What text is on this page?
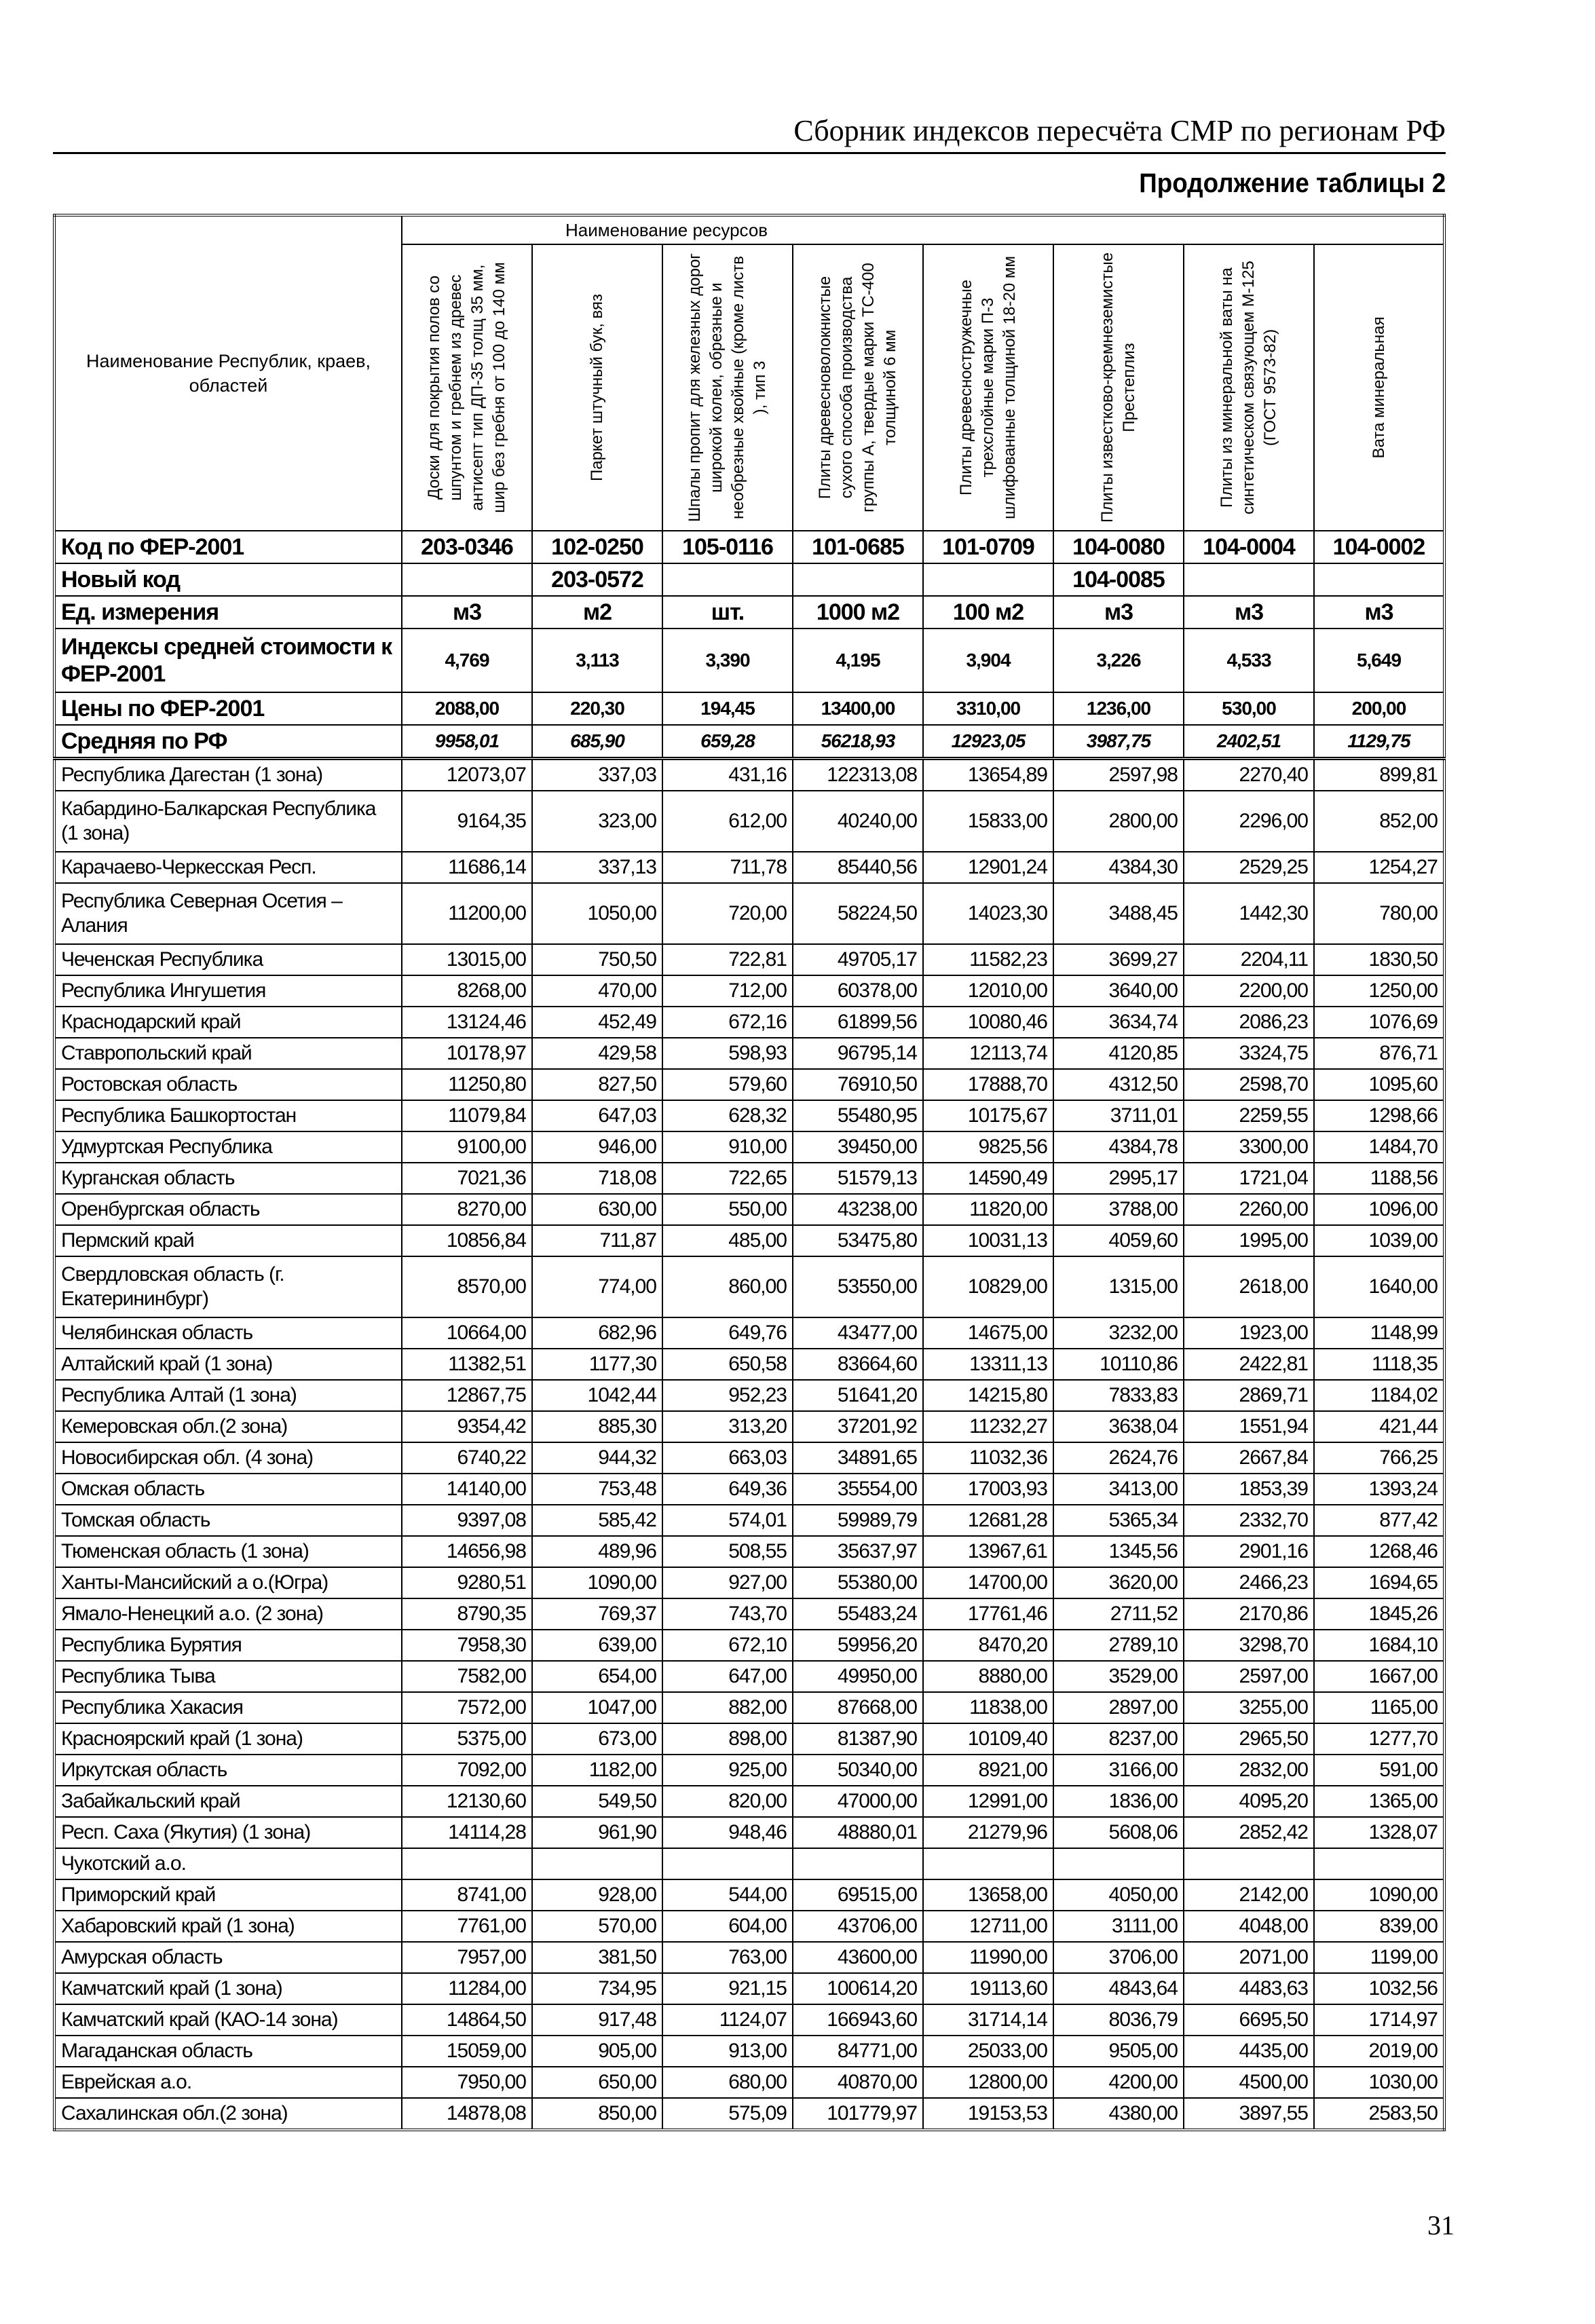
Сборник индексов пересчёта СМР по регионам РФ
Продолжение таблицы 2
Наименование Республик, краев, областей	Наименование ресурсов							

	Доски для покрытия полов со шпунтом и гребнем из древес антисепт тип ДП-35 толщ 35 мм, шир без гребня от 100 до 140 мм	Паркет штучный бук, вяз	Шпалы пропит для железных дорог широкой колеи, обрезные и необрезные хвойные (кроме листв ), тип 3	Плиты древесноволокнистые сухого способа производства группы А, твердые марки ТС-400 толщиной 6 мм	Плиты древесностружечные трехслойные марки П-3 шлифованные толщиной 18-20 мм	Плиты известково-кремнеземистые Престеплиз	Плиты из минеральной ваты на синтетическом связующем М-125 (ГОСТ 9573-82)	Вата минеральная

Код по ФЕР-2001	203-0346	102-0250	105-0116	101-0685	101-0709	104-0080	104-0004	104-0002
Новый код		203-0572				104-0085		
Ед. измерения	м3	м2	шт.	1000 м2	100 м2	м3	м3	м3
Индексы средней стоимости к ФЕР-2001	4,769	3,113	3,390	4,195	3,904	3,226	4,533	5,649
Цены по ФЕР-2001	2088,00	220,30	194,45	13400,00	3310,00	1236,00	530,00	200,00
Средняя по РФ	9958,01	685,90	659,28	56218,93	12923,05	3987,75	2402,51	1129,75
Республика Дагестан (1 зона)	12073,07	337,03	431,16	122313,08	13654,89	2597,98	2270,40	899,81
Кабардино-Балкарская Республика (1 зона)	9164,35	323,00	612,00	40240,00	15833,00	2800,00	2296,00	852,00
Карачаево-Черкесская Респ.	11686,14	337,13	711,78	85440,56	12901,24	4384,30	2529,25	1254,27
Республика Северная Осетия – Алания	11200,00	1050,00	720,00	58224,50	14023,30	3488,45	1442,30	780,00
Чеченская Республика	13015,00	750,50	722,81	49705,17	11582,23	3699,27	2204,11	1830,50
Республика Ингушетия	8268,00	470,00	712,00	60378,00	12010,00	3640,00	2200,00	1250,00
Краснодарский край	13124,46	452,49	672,16	61899,56	10080,46	3634,74	2086,23	1076,69
Ставропольский край	10178,97	429,58	598,93	96795,14	12113,74	4120,85	3324,75	876,71
Ростовская область	11250,80	827,50	579,60	76910,50	17888,70	4312,50	2598,70	1095,60
Республика Башкортостан	11079,84	647,03	628,32	55480,95	10175,67	3711,01	2259,55	1298,66
Удмуртская Республика	9100,00	946,00	910,00	39450,00	9825,56	4384,78	3300,00	1484,70
Курганская область	7021,36	718,08	722,65	51579,13	14590,49	2995,17	1721,04	1188,56
Оренбургская область	8270,00	630,00	550,00	43238,00	11820,00	3788,00	2260,00	1096,00
Пермский край	10856,84	711,87	485,00	53475,80	10031,13	4059,60	1995,00	1039,00
Свердловская область (г. Екатерининбург)	8570,00	774,00	860,00	53550,00	10829,00	1315,00	2618,00	1640,00
Челябинская область	10664,00	682,96	649,76	43477,00	14675,00	3232,00	1923,00	1148,99
Алтайский край (1 зона)	11382,51	1177,30	650,58	83664,60	13311,13	10110,86	2422,81	1118,35
Республика Алтай (1 зона)	12867,75	1042,44	952,23	51641,20	14215,80	7833,83	2869,71	1184,02
Кемеровская обл.(2 зона)	9354,42	885,30	313,20	37201,92	11232,27	3638,04	1551,94	421,44
Новосибирская обл. (4 зона)	6740,22	944,32	663,03	34891,65	11032,36	2624,76	2667,84	766,25
Омская область	14140,00	753,48	649,36	35554,00	17003,93	3413,00	1853,39	1393,24
Томская область	9397,08	585,42	574,01	59989,79	12681,28	5365,34	2332,70	877,42
Тюменская область (1 зона)	14656,98	489,96	508,55	35637,97	13967,61	1345,56	2901,16	1268,46
Ханты-Мансийский а о.(Югра)	9280,51	1090,00	927,00	55380,00	14700,00	3620,00	2466,23	1694,65
Ямало-Ненецкий а.о. (2 зона)	8790,35	769,37	743,70	55483,24	17761,46	2711,52	2170,86	1845,26
Республика Бурятия	7958,30	639,00	672,10	59956,20	8470,20	2789,10	3298,70	1684,10
Республика Тыва	7582,00	654,00	647,00	49950,00	8880,00	3529,00	2597,00	1667,00
Республика Хакасия	7572,00	1047,00	882,00	87668,00	11838,00	2897,00	3255,00	1165,00
Красноярский край (1 зона)	5375,00	673,00	898,00	81387,90	10109,40	8237,00	2965,50	1277,70
Иркутская область	7092,00	1182,00	925,00	50340,00	8921,00	3166,00	2832,00	591,00
Забайкальский край	12130,60	549,50	820,00	47000,00	12991,00	1836,00	4095,20	1365,00
Респ. Саха (Якутия) (1 зона)	14114,28	961,90	948,46	48880,01	21279,96	5608,06	2852,42	1328,07
Чукотский а.о.								
Приморский край	8741,00	928,00	544,00	69515,00	13658,00	4050,00	2142,00	1090,00
Хабаровский край (1 зона)	7761,00	570,00	604,00	43706,00	12711,00	3111,00	4048,00	839,00
Амурская область	7957,00	381,50	763,00	43600,00	11990,00	3706,00	2071,00	1199,00
Камчатский край (1 зона)	11284,00	734,95	921,15	100614,20	19113,60	4843,64	4483,63	1032,56
Камчатский край (КАО-14 зона)	14864,50	917,48	1124,07	166943,60	31714,14	8036,79	6695,50	1714,97
Магаданская область	15059,00	905,00	913,00	84771,00	25033,00	9505,00	4435,00	2019,00
Еврейская а.о.	7950,00	650,00	680,00	40870,00	12800,00	4200,00	4500,00	1030,00
Сахалинская обл.(2 зона)	14878,08	850,00	575,09	101779,97	19153,53	4380,00	3897,55	2583,50
31
